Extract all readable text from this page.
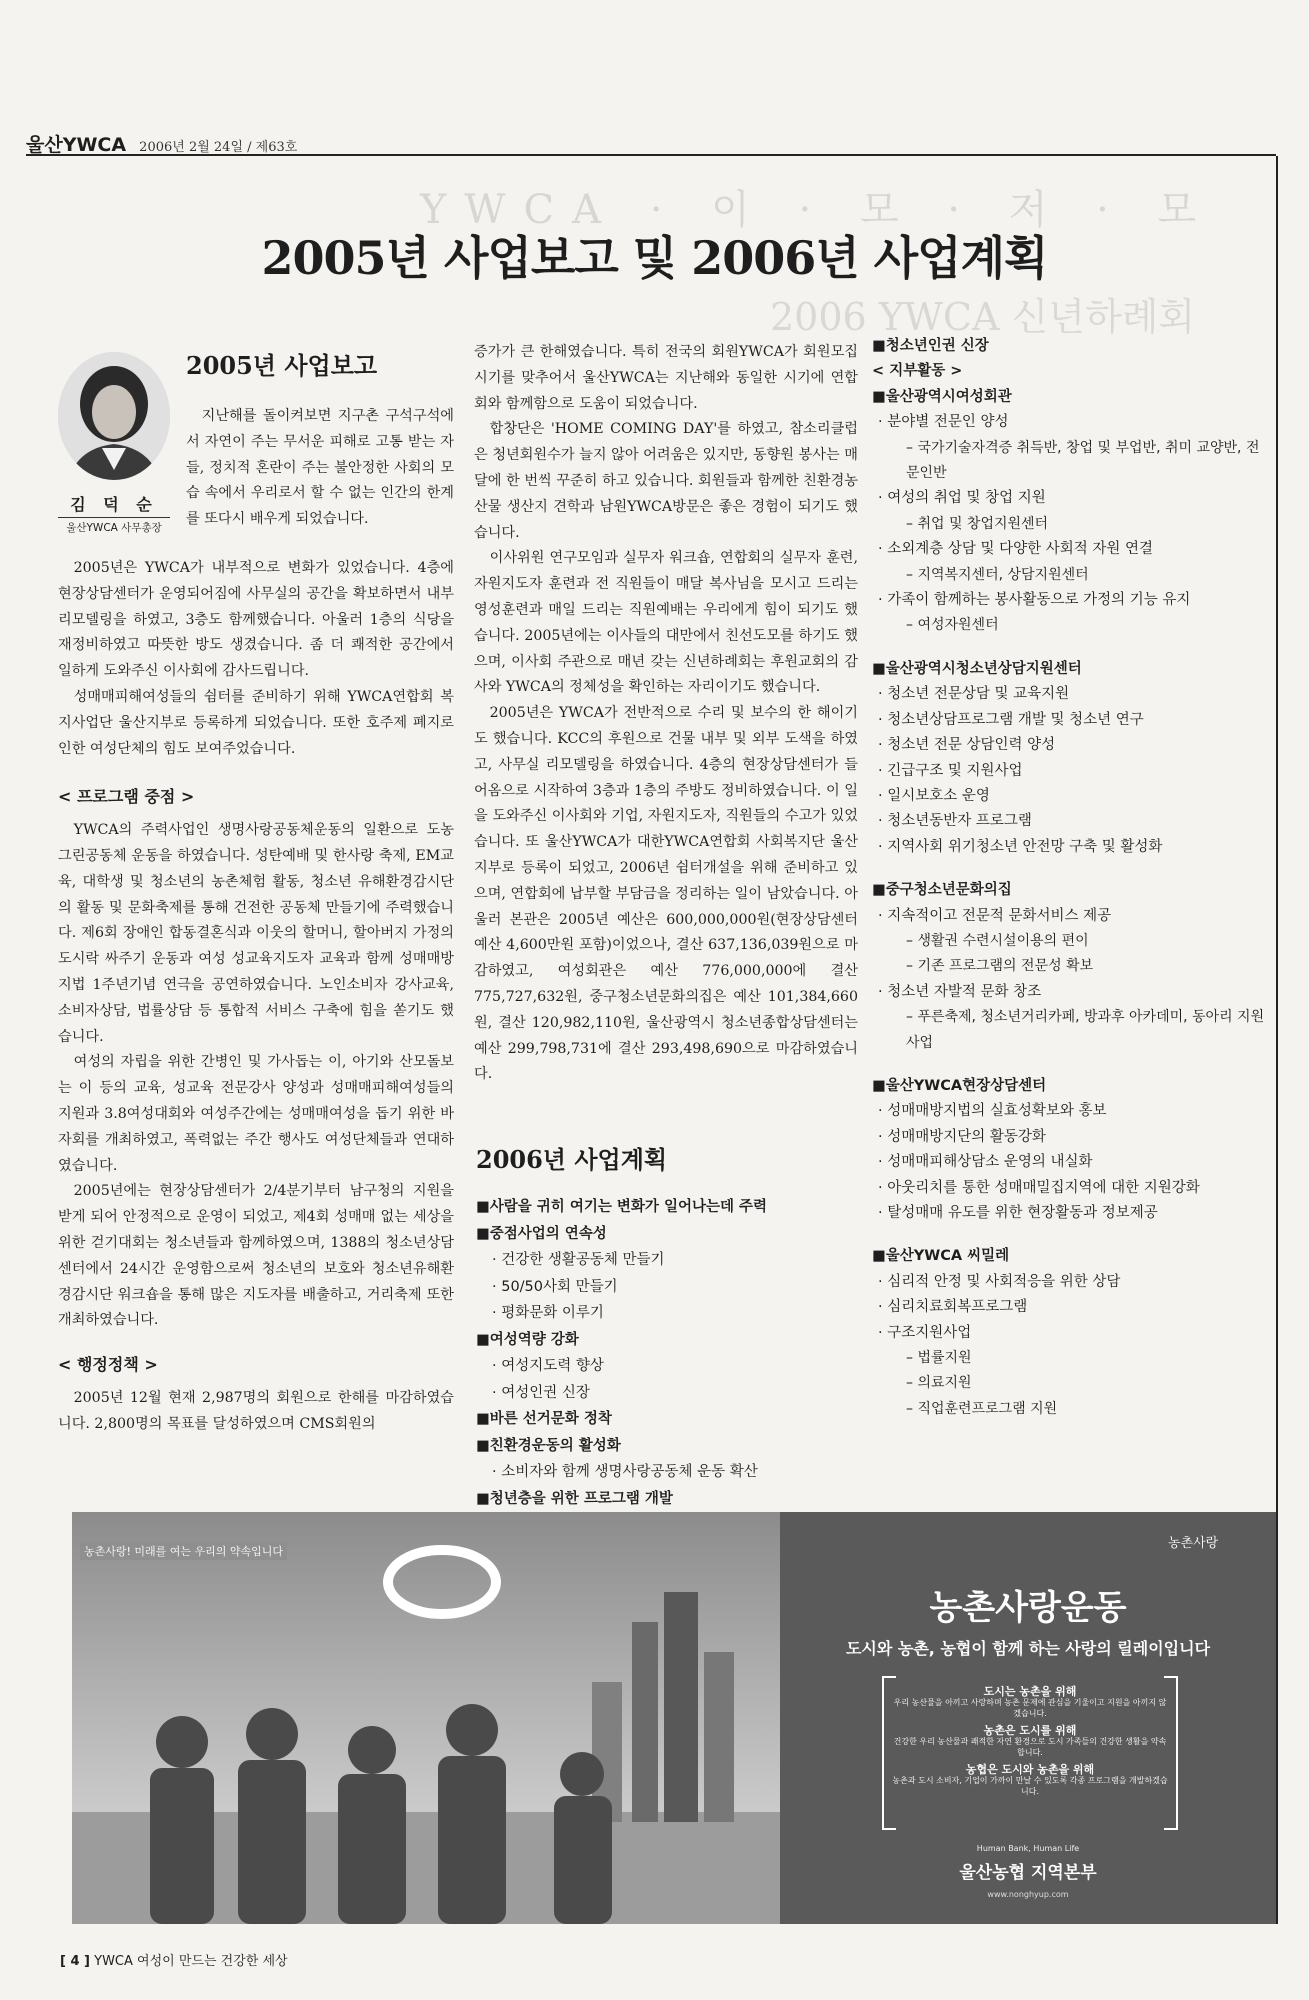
울산YWCA 2006년 2월 24일 / 제63호
YWCA · 이 · 모 · 저 · 모
2006 YWCA 신년하례회
2005년 사업보고 및 2006년 사업계획
2005년 사업보고
김 덕 순
울산YWCA 사무총장

지난해를 돌이켜보면 지구촌 구석구석에서 자연이 주는 무서운 피해로 고통 받는 자들, 정치적 혼란이 주는 불안정한 사회의 모습 속에서 우리로서 할 수 없는 인간의 한계를 또다시 배우게 되었습니다.

2005년은 YWCA가 내부적으로 변화가 있었습니다. 4층에 현장상담센터가 운영되어짐에 사무실의 공간을 확보하면서 내부 리모델링을 하였고, 3층도 함께했습니다. 아울러 1층의 식당을 재정비하였고 따뜻한 방도 생겼습니다. 좀 더 쾌적한 공간에서 일하게 도와주신 이사회에 감사드립니다.

성매매피해여성들의 쉼터를 준비하기 위해 YWCA연합회 복지사업단 울산지부로 등록하게 되었습니다. 또한 호주제 폐지로 인한 여성단체의 힘도 보여주었습니다.

< 프로그램 중점 >

YWCA의 주력사업인 생명사랑공동체운동의 일환으로 도농 그린공동체 운동을 하였습니다. 성탄예배 및 한사랑 축제, EM교육, 대학생 및 청소년의 농촌체험 활동, 청소년 유해환경감시단의 활동 및 문화축제를 통해 건전한 공동체 만들기에 주력했습니다. 제6회 장애인 합동결혼식과 이웃의 할머니, 할아버지 가정의 도시락 싸주기 운동과 여성 성교육지도자 교육과 함께 성매매방지법 1주년기념 연극을 공연하였습니다. 노인소비자 강사교육, 소비자상담, 법률상담 등 통합적 서비스 구축에 힘을 쏟기도 했습니다.

여성의 자립을 위한 간병인 및 가사돕는 이, 아기와 산모돌보는 이 등의 교육, 성교육 전문강사 양성과 성매매피해여성들의 지원과 3.8여성대회와 여성주간에는 성매매여성을 돕기 위한 바자회를 개최하였고, 폭력없는 주간 행사도 여성단체들과 연대하였습니다.

2005년에는 현장상담센터가 2/4분기부터 남구청의 지원을 받게 되어 안정적으로 운영이 되었고, 제4회 성매매 없는 세상을 위한 걷기대회는 청소년들과 함께하였으며, 1388의 청소년상담센터에서 24시간 운영함으로써 청소년의 보호와 청소년유해환경감시단 워크숍을 통해 많은 지도자를 배출하고, 거리축제 또한 개최하였습니다.

< 행정정책 >

2005년 12월 현재 2,987명의 회원으로 한해를 마감하였습니다. 2,800명의 목표를 달성하였으며 CMS회원의

증가가 큰 한해였습니다. 특히 전국의 회원YWCA가 회원모집 시기를 맞추어서 울산YWCA는 지난해와 동일한 시기에 연합회와 함께함으로 도움이 되었습니다.

합창단은 'HOME COMING DAY'를 하였고, 참소리클럽은 청년회원수가 늘지 않아 어려움은 있지만, 동향원 봉사는 매달에 한 번씩 꾸준히 하고 있습니다. 회원들과 함께한 친환경농산물 생산지 견학과 남원YWCA방문은 좋은 경험이 되기도 했습니다.

이사위원 연구모임과 실무자 워크숍, 연합회의 실무자 훈련, 자원지도자 훈련과 전 직원들이 매달 복사님을 모시고 드리는 영성훈련과 매일 드리는 직원예배는 우리에게 힘이 되기도 했습니다. 2005년에는 이사들의 대만에서 친선도모를 하기도 했으며, 이사회 주관으로 매년 갖는 신년하례회는 후원교회의 감사와 YWCA의 정체성을 확인하는 자리이기도 했습니다.

2005년은 YWCA가 전반적으로 수리 및 보수의 한 해이기도 했습니다. KCC의 후원으로 건물 내부 및 외부 도색을 하였고, 사무실 리모델링을 하였습니다. 4층의 현장상담센터가 들어옴으로 시작하여 3층과 1층의 주방도 정비하였습니다. 이 일을 도와주신 이사회와 기업, 자원지도자, 직원들의 수고가 있었습니다. 또 울산YWCA가 대한YWCA연합회 사회복지단 울산지부로 등록이 되었고, 2006년 쉼터개설을 위해 준비하고 있으며, 연합회에 납부할 부담금을 정리하는 일이 남았습니다. 아울러 본관은 2005년 예산은 600,000,000원(현장상담센터 예산 4,600만원 포함)이었으나, 결산 637,136,039원으로 마감하였고, 여성회관은 예산 776,000,000에 결산 775,727,632원, 중구청소년문화의집은 예산 101,384,660원, 결산 120,982,110원, 울산광역시 청소년종합상담센터는 예산 299,798,731에 결산 293,498,690으로 마감하였습니다.

2006년 사업계획
■사람을 귀히 여기는 변화가 일어나는데 주력
■중점사업의 연속성
· 건강한 생활공동체 만들기
· 50/50사회 만들기
· 평화문화 이루기
■여성역량 강화
· 여성지도력 향상
· 여성인권 신장
■바른 선거문화 정착
■친환경운동의 활성화
· 소비자와 함께 생명사랑공동체 운동 확산
■청년층을 위한 프로그램 개발
■청소년인권 신장
< 지부활동 >
■울산광역시여성회관
· 분야별 전문인 양성
– 국가기술자격증 취득반, 창업 및 부업반, 취미 교양반, 전문인반
· 여성의 취업 및 창업 지원
– 취업 및 창업지원센터
· 소외계층 상담 및 다양한 사회적 자원 연결
– 지역복지센터, 상담지원센터
· 가족이 함께하는 봉사활동으로 가정의 기능 유지
– 여성자원센터
■울산광역시청소년상담지원센터
· 청소년 전문상담 및 교육지원
· 청소년상담프로그램 개발 및 청소년 연구
· 청소년 전문 상담인력 양성
· 긴급구조 및 지원사업
· 일시보호소 운영
· 청소년동반자 프로그램
· 지역사회 위기청소년 안전망 구축 및 활성화
■중구청소년문화의집
· 지속적이고 전문적 문화서비스 제공
– 생활권 수련시설이용의 편이
– 기존 프로그램의 전문성 확보
· 청소년 자발적 문화 창조
– 푸른축제, 청소년거리카페, 방과후 아카데미, 동아리 지원사업
■울산YWCA현장상담센터
· 성매매방지법의 실효성확보와 홍보
· 성매매방지단의 활동강화
· 성매매피해상담소 운영의 내실화
· 아웃리치를 통한 성매매밀집지역에 대한 지원강화
· 탈성매매 유도를 위한 현장활동과 정보제공
■울산YWCA 씨밀레
· 심리적 안정 및 사회적응을 위한 상담
· 심리치료회복프로그램
· 구조지원사업
– 법률지원
– 의료지원
– 직업훈련프로그램 지원
농촌사랑! 미래를 여는 우리의 약속입니다
농촌사랑
농촌사랑운동
도시와 농촌, 농협이 함께 하는 사랑의 릴레이입니다
도시는 농촌을 위해
우리 농산물을 아끼고 사랑하며 농촌 문제에 관심을 기울이고 지원을 아끼지 않겠습니다.
농촌은 도시를 위해
건강한 우리 농산물과 쾌적한 자연 환경으로 도시 가족들의 건강한 생활을 약속합니다.
농협은 도시와 농촌을 위해
농촌과 도시 소비자, 기업이 가까이 만날 수 있도록 각종 프로그램을 개발하겠습니다.
Human Bank, Human Life
울산농협 지역본부
www.nonghyup.com
[ 4 ] YWCA 여성이 만드는 건강한 세상
